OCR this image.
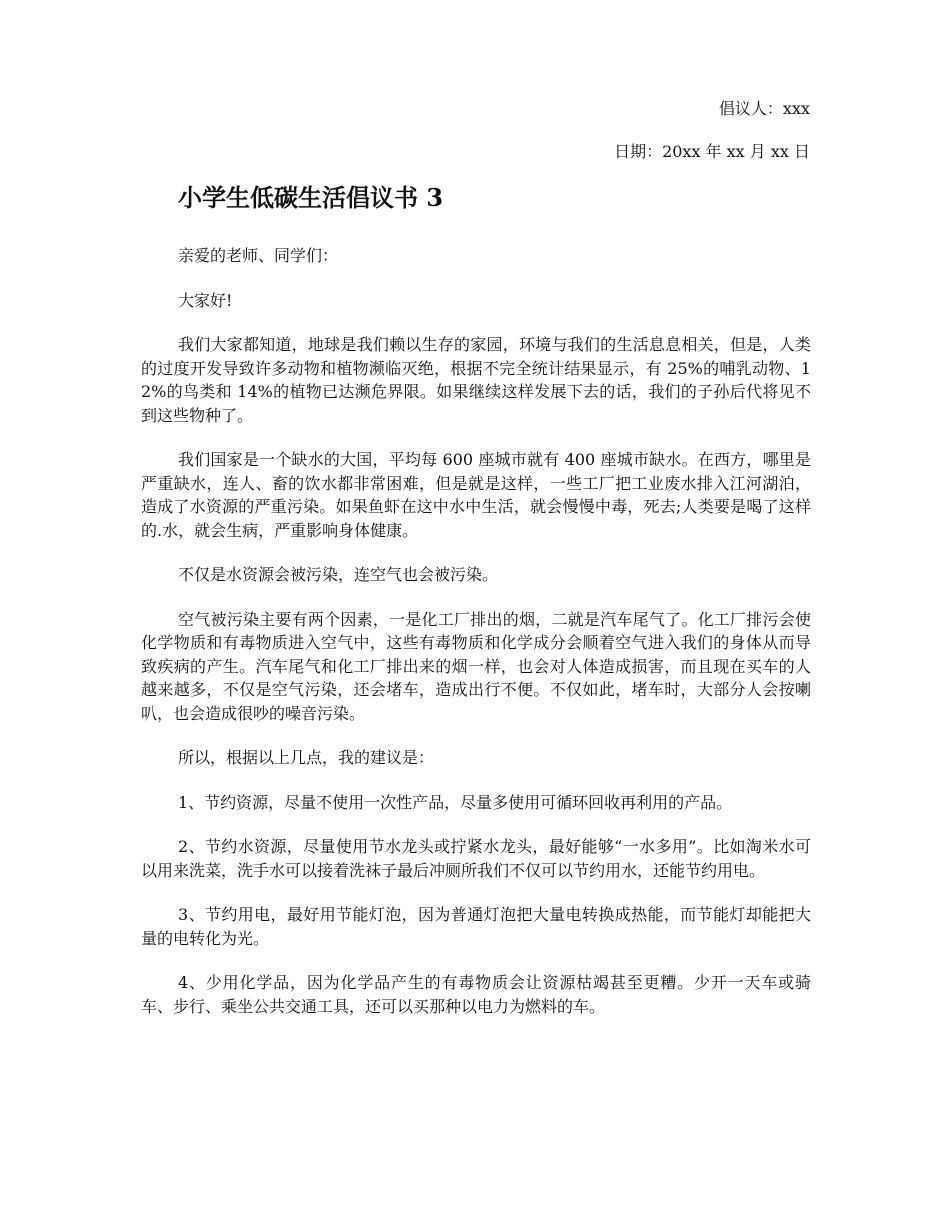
倡议人：xxx
日期：20xx 年 xx 月 xx 日
小学生低碳生活倡议书 3

亲爱的老师、同学们：

大家好!

我们大家都知道，地球是我们赖以生存的家园，环境与我们的生活息息相关，但是，人类的过度开发导致许多动物和植物濒临灭绝，根据不完全统计结果显示，有 25%的哺乳动物、12%的鸟类和 14%的植物已达濒危界限。如果继续这样发展下去的话，我们的子孙后代将见不到这些物种了。

我们国家是一个缺水的大国，平均每 600 座城市就有 400 座城市缺水。在西方，哪里是严重缺水，连人、畜的饮水都非常困难，但是就是这样，一些工厂把工业废水排入江河湖泊，造成了水资源的严重污染。如果鱼虾在这中水中生活，就会慢慢中毒，死去;人类要是喝了这样的.水，就会生病，严重影响身体健康。

不仅是水资源会被污染，连空气也会被污染。

空气被污染主要有两个因素，一是化工厂排出的烟，二就是汽车尾气了。化工厂排污会使化学物质和有毒物质进入空气中，这些有毒物质和化学成分会顺着空气进入我们的身体从而导致疾病的产生。汽车尾气和化工厂排出来的烟一样，也会对人体造成损害，而且现在买车的人越来越多，不仅是空气污染，还会堵车，造成出行不便。不仅如此，堵车时，大部分人会按喇叭，也会造成很吵的噪音污染。

所以，根据以上几点，我的建议是：

1、节约资源，尽量不使用一次性产品，尽量多使用可循环回收再利用的产品。

2、节约水资源，尽量使用节水龙头或拧紧水龙头，最好能够“一水多用”。比如淘米水可以用来洗菜，洗手水可以接着洗袜子最后冲厕所我们不仅可以节约用水，还能节约用电。

3、节约用电，最好用节能灯泡，因为普通灯泡把大量电转换成热能，而节能灯却能把大量的电转化为光。

4、少用化学品，因为化学品产生的有毒物质会让资源枯竭甚至更糟。少开一天车或骑车、步行、乘坐公共交通工具，还可以买那种以电力为燃料的车。
